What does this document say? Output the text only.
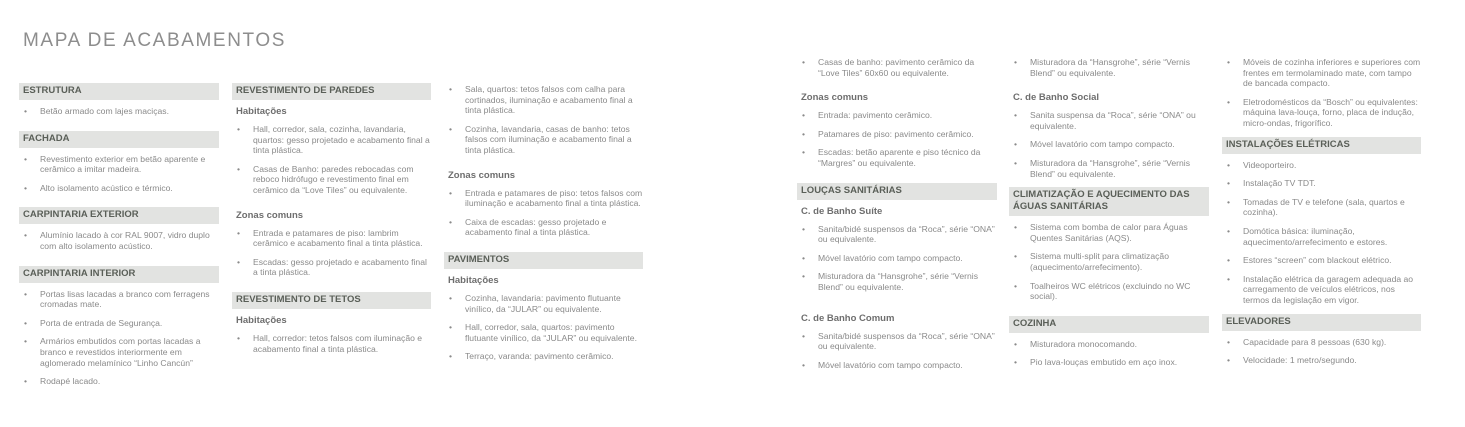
MAPA DE ACABAMENTOS
ESTRUTURA
• Betão armado com lajes maciças.
FACHADA
• Revestimento exterior em betão aparente e cerâmico a imitar madeira.
• Alto isolamento acústico e térmico.
CARPINTARIA EXTERIOR
• Alumínio lacado à cor RAL 9007, vidro duplo com alto isolamento acústico.
CARPINTARIA INTERIOR
• Portas lisas lacadas a branco com ferragens cromadas mate.
• Porta de entrada de Segurança.
• Armários embutidos com portas lacadas a branco e revestidos interiormente em aglomerado melamínico “Linho Cancún”
• Rodapé lacado.
REVESTIMENTO DE PAREDES
Habitações
• Hall, corredor, sala, cozinha, lavandaria, quartos: gesso projetado e acabamento final a tinta plástica.
• Casas de Banho: paredes rebocadas com reboco hidrófugo e revestimento final em cerâmico da “Love Tiles” ou equivalente.
Zonas comuns
• Entrada e patamares de piso: lambrim cerâmico e acabamento final a tinta plástica.
• Escadas: gesso projetado e acabamento final a tinta plástica.
REVESTIMENTO DE TETOS
Habitações
• Hall, corredor: tetos falsos com iluminação e acabamento final a tinta plástica.
• Sala, quartos: tetos falsos com calha para cortinados, iluminação e acabamento final a tinta plástica.
• Cozinha, lavandaria, casas de banho: tetos falsos com iluminação e acabamento final a tinta plástica.
Zonas comuns
• Entrada e patamares de piso: tetos falsos com iluminação e acabamento final a tinta plástica.
• Caixa de escadas: gesso projetado e acabamento final a tinta plástica.
PAVIMENTOS
Habitações
• Cozinha, lavandaria: pavimento flutuante vinílico, da “JULAR” ou equivalente.
• Hall, corredor, sala, quartos: pavimento flutuante vinílico, da “JULAR” ou equivalente.
• Terraço, varanda: pavimento cerâmico.
• Casas de banho: pavimento cerâmico da “Love Tiles” 60x60 ou equivalente.
Zonas comuns
• Entrada: pavimento cerâmico.
• Patamares de piso: pavimento cerâmico.
• Escadas: betão aparente e piso técnico da “Margres” ou equivalente.
LOUÇAS SANITÁRIAS
C. de Banho Suíte
• Sanita/bidé suspensos da “Roca”, série “ONA” ou equivalente.
• Móvel lavatório com tampo compacto.
• Misturadora da “Hansgrohe”, série “Vernis Blend” ou equivalente.
C. de Banho Comum
• Sanita/bidé suspensos da “Roca”, série “ONA” ou equivalente.
• Móvel lavatório com tampo compacto.
• Misturadora da “Hansgrohe”, série “Vernis Blend” ou equivalente.
C. de Banho Social
• Sanita suspensa da “Roca”, série “ONA” ou equivalente.
• Móvel lavatório com tampo compacto.
• Misturadora da “Hansgrohe”, série “Vernis Blend” ou equivalente.
CLIMATIZAÇÃO E AQUECIMENTO DAS ÁGUAS SANITÁRIAS
• Sistema com bomba de calor para Águas Quentes Sanitárias (AQS).
• Sistema multi-split para climatização (aquecimento/arrefecimento).
• Toalheiros WC elétricos (excluindo no WC social).
COZINHA
• Misturadora monocomando.
• Pio lava-louças embutido em aço inox.
• Móveis de cozinha inferiores e superiores com frentes em termolaminado mate, com tampo de bancada compacto.
• Eletrodomésticos da “Bosch” ou equivalentes: máquina lava-louça, forno, placa de indução, micro-ondas, frigorífico.
INSTALAÇÕES ELÉTRICAS
• Videoporteiro.
• Instalação TV TDT.
• Tomadas de TV e telefone (sala, quartos e cozinha).
• Domótica básica: iluminação, aquecimento/arrefecimento e estores.
• Estores “screen” com blackout elétrico.
• Instalação elétrica da garagem adequada ao carregamento de veículos elétricos, nos termos da legislação em vigor.
ELEVADORES
• Capacidade para 8 pessoas (630 kg).
• Velocidade: 1 metro/segundo.
